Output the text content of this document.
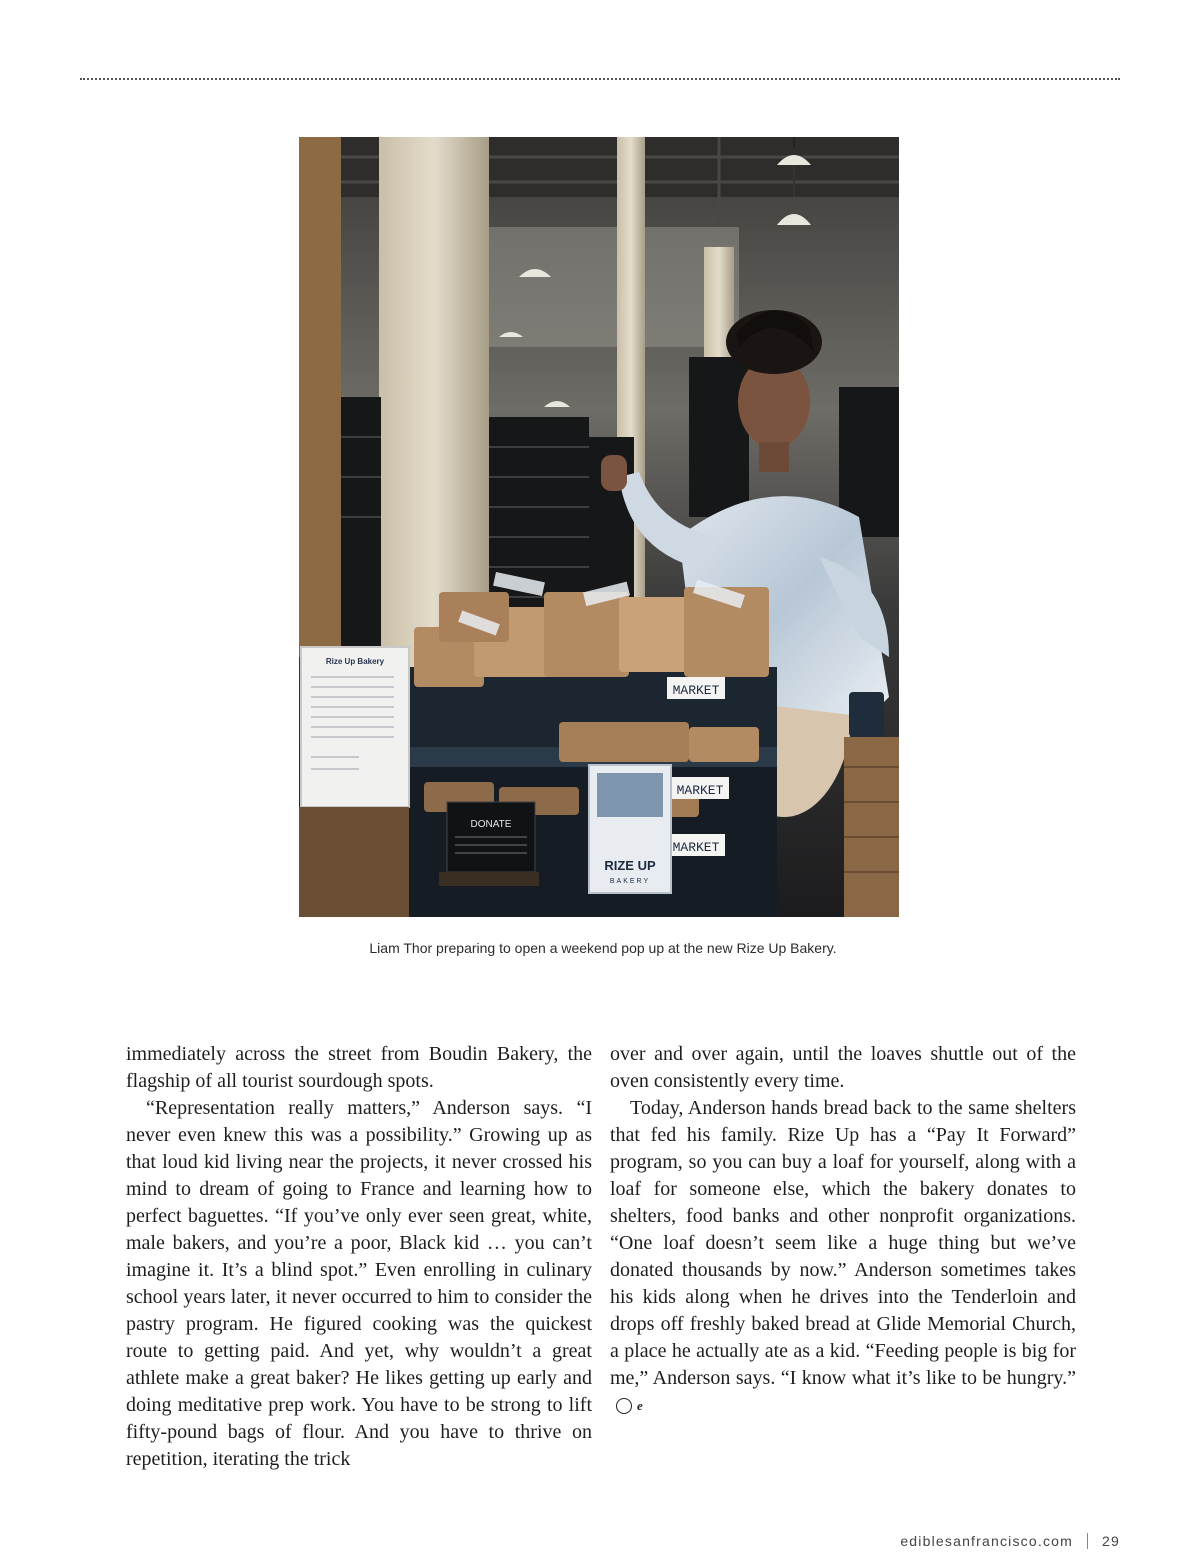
Rize Up Bakery
MARKET
MARKET
MARKET
DONATE
RIZE UP
BAKERY

Liam Thor preparing to open a weekend pop up at the new Rize Up Bakery.

immediately across the street from Boudin Bakery, the flagship of all tourist sourdough spots.

“Representation really matters,” Anderson says. “I never even knew this was a possibility.” Growing up as that loud kid living near the projects, it never crossed his mind to dream of going to France and learning how to perfect baguettes. “If you’ve only ever seen great, white, male bakers, and you’re a poor, Black kid … you can’t imagine it. It’s a blind spot.” Even enrolling in culinary school years later, it never occurred to him to consider the pastry program. He figured cooking was the quickest route to getting paid. And yet, why wouldn’t a great athlete make a great baker? He likes getting up early and doing meditative prep work. You have to be strong to lift fifty-pound bags of flour. And you have to thrive on repetition, iterating the trick

over and over again, until the loaves shuttle out of the oven consistently every time.

Today, Anderson hands bread back to the same shelters that fed his family. Rize Up has a “Pay It Forward” program, so you can buy a loaf for yourself, along with a loaf for someone else, which the bakery donates to shelters, food banks and other nonprofit organizations. “One loaf doesn’t seem like a huge thing but we’ve donated thousands by now.” Anderson sometimes takes his kids along when he drives into the Tenderloin and drops off freshly baked bread at Glide Memorial Church, a place he actually ate as a kid. “Feeding people is big for me,” Anderson says. “I know what it’s like to be hungry.”e

ediblesanfrancisco.com 29
